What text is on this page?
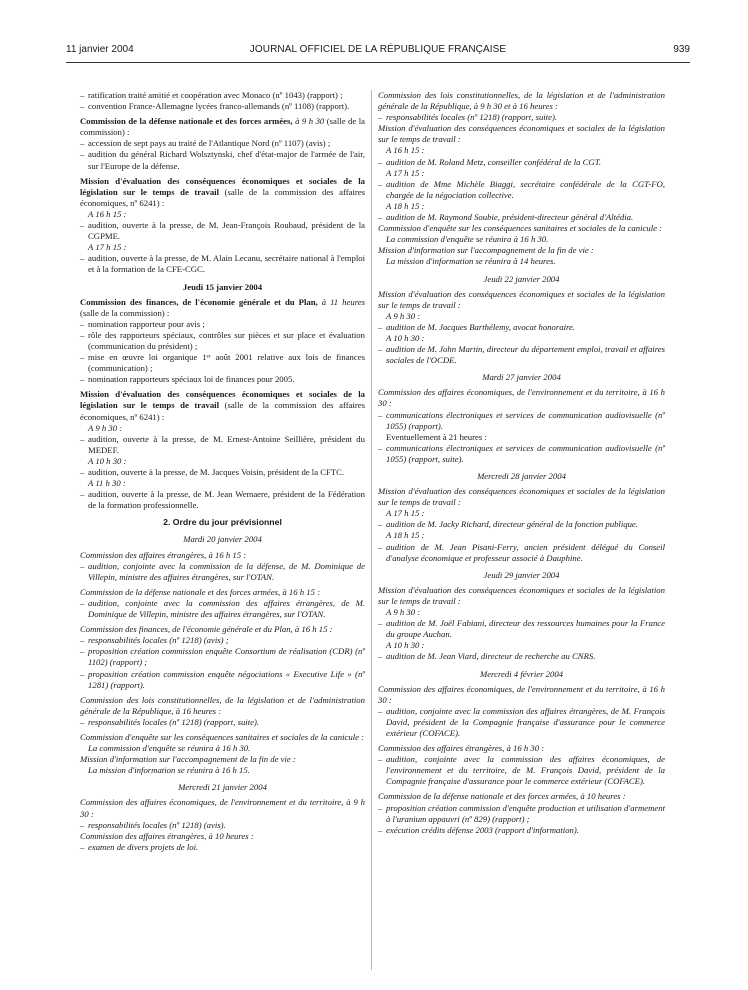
11 janvier 2004	JOURNAL OFFICIEL DE LA RÉPUBLIQUE FRANÇAISE	939

– ratification traité amitié et coopération avec Monaco (nº 1043) (rapport) ;

– convention France-Allemagne lycées franco-allemands (nº 1108) (rapport).

Commission de la défense nationale et des forces armées, à 9 h 30 (salle de la commission) :

– accession de sept pays au traité de l'Atlantique Nord (nº 1107) (avis) ;

– audition du général Richard Wolsztynski, chef d'état-major de l'armée de l'air, sur l'Europe de la défense.

Mission d'évaluation des conséquences économiques et sociales de la législation sur le temps de travail (salle de la commission des affaires économiques, nº 6241) :

A 16 h 15 :

– audition, ouverte à la presse, de M. Jean-François Roubaud, président de la CGPME.

A 17 h 15 :

– audition, ouverte à la presse, de M. Alain Lecanu, secrétaire national à l'emploi et à la formation de la CFE-CGC.

Jeudi 15 janvier 2004

Commission des finances, de l'économie générale et du Plan, à 11 heures (salle de la commission) :

– nomination rapporteur pour avis ;

– rôle des rapporteurs spéciaux, contrôles sur pièces et sur place et évaluation (communication du président) ;

– mise en œuvre loi organique 1ᵉʳ août 2001 relative aux lois de finances (communication) ;

– nomination rapporteurs spéciaux loi de finances pour 2005.

Mission d'évaluation des conséquences économiques et sociales de la législation sur le temps de travail (salle de la commission des affaires économiques, nº 6241) :

A 9 h 30 :

– audition, ouverte à la presse, de M. Ernest-Antoine Seillière, président du MEDEF.

A 10 h 30 :

– audition, ouverte à la presse, de M. Jacques Voisin, président de la CFTC.

A 11 h 30 :

– audition, ouverte à la presse, de M. Jean Wemaere, président de la Fédération de la formation professionnelle.

2. Ordre du jour prévisionnel

Mardi 20 janvier 2004

Commission des affaires étrangères, à 16 h 15 :

– audition, conjointe avec la commission de la défense, de M. Dominique de Villepin, ministre des affaires étrangères, sur l'OTAN.

Commission de la défense nationale et des forces armées, à 16 h 15 :

– audition, conjointe avec la commission des affaires étrangères, de M. Dominique de Villepin, ministre des affaires étrangères, sur l'OTAN.

Commission des finances, de l'économie générale et du Plan, à 16 h 15 :

– responsabilités locales (nº 1218) (avis) ;

– proposition création commission enquête Consortium de réalisation (CDR) (nº 1102) (rapport) ;

– proposition création commission enquête négociations « Executive Life » (nº 1281) (rapport).

Commission des lois constitutionnelles, de la législation et de l'administration générale de la République, à 16 heures :

– responsabilités locales (nº 1218) (rapport, suite).

Commission d'enquête sur les conséquences sanitaires et sociales de la canicule :

La commission d'enquête se réunira à 16 h 30.

Mission d'information sur l'accompagnement de la fin de vie :

La mission d'information se réunira à 16 h 15.

Mercredi 21 janvier 2004

Commission des affaires économiques, de l'environnement et du territoire, à 9 h 30 :

– responsabilités locales (nº 1218) (avis).

Commission des affaires étrangères, à 10 heures :

– examen de divers projets de loi.

Commission des lois constitutionnelles, de la législation et de l'administration générale de la République, à 9 h 30 et à 16 heures :

– responsabilités locales (nº 1218) (rapport, suite).

Mission d'évaluation des conséquences économiques et sociales de la législation sur le temps de travail :

A 16 h 15 :

– audition de M. Roland Metz, conseiller confédéral de la CGT.

A 17 h 15 :

– audition de Mme Michèle Biaggi, secrétaire confédérale de la CGT-FO, chargée de la négociation collective.

A 18 h 15 :

– audition de M. Raymond Soubie, président-directeur général d'Altédia.

Commission d'enquête sur les conséquences sanitaires et sociales de la canicule :

La commission d'enquête se réunira à 16 h 30.

Mission d'information sur l'accompagnement de la fin de vie :

La mission d'information se réunira à 14 heures.

Jeudi 22 janvier 2004

Mission d'évaluation des conséquences économiques et sociales de la législation sur le temps de travail :

A 9 h 30 :

– audition de M. Jacques Barthélemy, avocat honoraire.

A 10 h 30 :

– audition de M. John Martin, directeur du département emploi, travail et affaires sociales de l'OCDE.

Mardi 27 janvier 2004

Commission des affaires économiques, de l'environnement et du territoire, à 16 h 30 :

– communications électroniques et services de communication audiovisuelle (nº 1055) (rapport).

Eventuellement à 21 heures :

– communications électroniques et services de communication audiovisuelle (nº 1055) (rapport, suite).

Mercredi 28 janvier 2004

Mission d'évaluation des conséquences économiques et sociales de la législation sur le temps de travail :

A 17 h 15 :

– audition de M. Jacky Richard, directeur général de la fonction publique.

A 18 h 15 :

– audition de M. Jean Pisani-Ferry, ancien président délégué du Conseil d'analyse économique et professeur associé à Dauphine.

Jeudi 29 janvier 2004

Mission d'évaluation des conséquences économiques et sociales de la législation sur le temps de travail :

A 9 h 30 :

– audition de M. Joël Fabiani, directeur des ressources humaines pour la France du groupe Auchan.

A 10 h 30 :

– audition de M. Jean Viard, directeur de recherche au CNRS.

Mercredi 4 février 2004

Commission des affaires économiques, de l'environnement et du territoire, à 16 h 30 :

– audition, conjointe avec la commission des affaires étrangères, de M. François David, président de la Compagnie française d'assurance pour le commerce extérieur (COFACE).

Commission des affaires étrangères, à 16 h 30 :

– audition, conjointe avec la commission des affaires économiques, de l'environnement et du territoire, de M. François David, président de la Compagnie française d'assurance pour le commerce extérieur (COFACE).

Commission de la défense nationale et des forces armées, à 10 heures :

– proposition création commission d'enquête production et utilisation d'armement à l'uranium appauvri (nº 829) (rapport) ;

– exécution crédits défense 2003 (rapport d'information).
